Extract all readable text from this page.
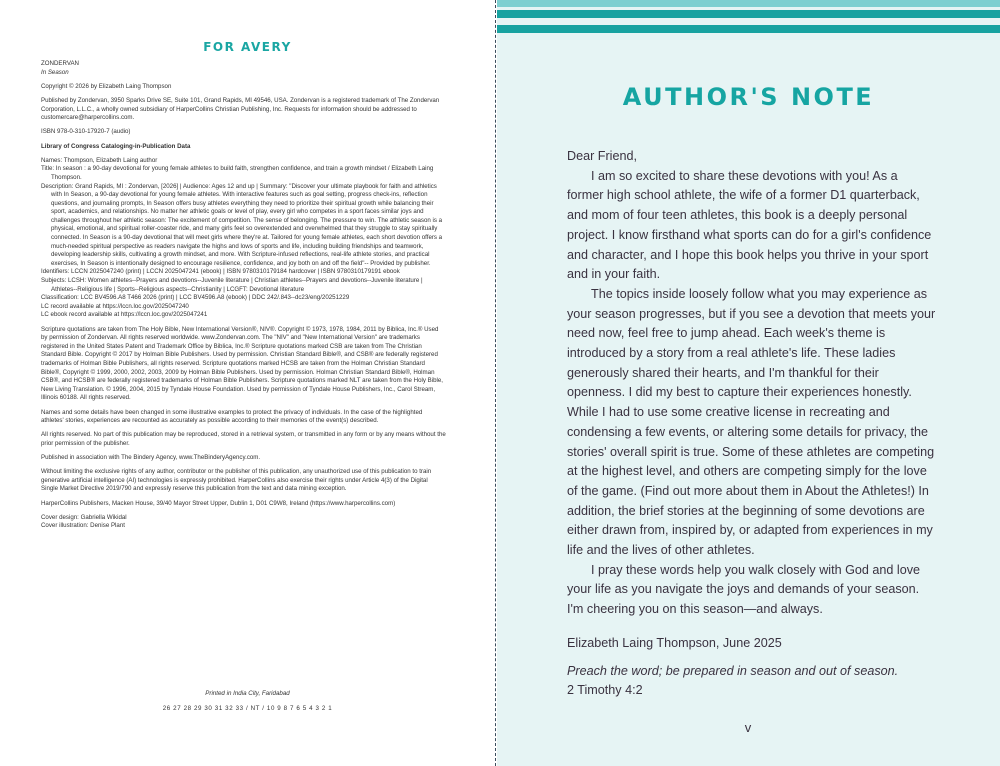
FOR AVERY

ZONDERVAN

In Season

Copyright © 2026 by Elizabeth Laing Thompson

Published by Zondervan, 3950 Sparks Drive SE, Suite 101, Grand Rapids, MI 49546, USA. Zondervan is a registered trademark of The Zondervan Corporation, L.L.C., a wholly owned subsidiary of HarperCollins Christian Publishing, Inc. Requests for information should be addressed to customercare@harpercollins.com.

ISBN 978-0-310-17920-7 (audio)

Library of Congress Cataloging-in-Publication Data

Names: Thompson, Elizabeth Laing author

Title: In season : a 90-day devotional for young female athletes to build faith, strengthen confidence, and train a growth mindset / Elizabeth Laing Thompson.

Description: Grand Rapids, MI : Zondervan, [2026] | Audience: Ages 12 and up | Summary: "Discover your ultimate playbook for faith and athletics with In Season, a 90-day devotional for young female athletes. With interactive features such as goal setting, progress check-ins, reflection questions, and journaling prompts, In Season offers busy athletes everything they need to prioritize their spiritual growth while balancing their sport, academics, and relationships. No matter her athletic goals or level of play, every girl who competes in a sport faces similar joys and challenges throughout her athletic season: The excitement of competition. The sense of belonging. The pressure to win. The athletic season is a physical, emotional, and spiritual roller-coaster ride, and many girls feel so overextended and overwhelmed that they struggle to stay spiritually connected. In Season is a 90-day devotional that will meet girls where they're at. Tailored for young female athletes, each short devotion offers a much-needed spiritual perspective as readers navigate the highs and lows of sports and life, including building friendships and teamwork, developing leadership skills, cultivating a growth mindset, and more. With Scripture-infused reflections, real-life athlete stories, and practical exercises, In Season is intentionally designed to encourage resilience, confidence, and joy both on and off the field"-- Provided by publisher.

Identifiers: LCCN 2025047240 (print) | LCCN 2025047241 (ebook) | ISBN 9780310179184 hardcover | ISBN 9780310179191 ebook

Subjects: LCSH: Women athletes--Prayers and devotions--Juvenile literature | Christian athletes--Prayers and devotions--Juvenile literature | Athletes--Religious life | Sports--Religious aspects--Christianity | LCGFT: Devotional literature

Classification: LCC BV4596.A8 T466 2026 (print) | LCC BV4596.A8 (ebook) | DDC 242/.843--dc23/eng/20251229

LC record available at https://lccn.loc.gov/2025047240

LC ebook record available at https://lccn.loc.gov/2025047241

Scripture quotations are taken from The Holy Bible, New International Version®, NIV®. Copyright © 1973, 1978, 1984, 2011 by Biblica, Inc.® Used by permission of Zondervan. All rights reserved worldwide. www.Zondervan.com. The "NIV" and "New International Version" are trademarks registered in the United States Patent and Trademark Office by Biblica, Inc.® Scripture quotations marked CSB are taken from The Christian Standard Bible. Copyright © 2017 by Holman Bible Publishers. Used by permission. Christian Standard Bible®, and CSB® are federally registered trademarks of Holman Bible Publishers, all rights reserved. Scripture quotations marked HCSB are taken from the Holman Christian Standard Bible®, Copyright © 1999, 2000, 2002, 2003, 2009 by Holman Bible Publishers. Used by permission. Holman Christian Standard Bible®, Holman CSB®, and HCSB® are federally registered trademarks of Holman Bible Publishers. Scripture quotations marked NLT are taken from the Holy Bible, New Living Translation. © 1996, 2004, 2015 by Tyndale House Foundation. Used by permission of Tyndale House Publishers, Inc., Carol Stream, Illinois 60188. All rights reserved.

Names and some details have been changed in some illustrative examples to protect the privacy of individuals. In the case of the highlighted athletes' stories, experiences are recounted as accurately as possible according to their memories of the event(s) described.

All rights reserved. No part of this publication may be reproduced, stored in a retrieval system, or transmitted in any form or by any means without the prior permission of the publisher.

Published in association with The Bindery Agency, www.TheBinderyAgency.com.

Without limiting the exclusive rights of any author, contributor or the publisher of this publication, any unauthorized use of this publication to train generative artificial intelligence (AI) technologies is expressly prohibited. HarperCollins also exercise their rights under Article 4(3) of the Digital Single Market Directive 2019/790 and expressly reserve this publication from the text and data mining exception.

HarperCollins Publishers, Macken House, 39/40 Mayor Street Upper, Dublin 1, D01 C9W8, Ireland (https://www.harpercollins.com)

Cover design: Gabriella Wikidal

Cover illustration: Denise Plant

Printed in India City, Faridabad
26 27 28 29 30 31 32 33 / NT / 10 9 8 7 6 5 4 3 2 1
AUTHOR'S NOTE

Dear Friend,

I am so excited to share these devotions with you! As a former high school athlete, the wife of a former D1 quarterback, and mom of four teen athletes, this book is a deeply personal project. I know firsthand what sports can do for a girl's confidence and character, and I hope this book helps you thrive in your sport and in your faith.

The topics inside loosely follow what you may experience as your season progresses, but if you see a devotion that meets your need now, feel free to jump ahead. Each week's theme is introduced by a story from a real athlete's life. These ladies generously shared their hearts, and I'm thankful for their openness. I did my best to capture their experiences honestly. While I had to use some creative license in recreating and condensing a few events, or altering some details for privacy, the stories' overall spirit is true. Some of these athletes are competing at the highest level, and others are competing simply for the love of the game. (Find out more about them in About the Athletes!) In addition, the brief stories at the beginning of some devotions are either drawn from, inspired by, or adapted from experiences in my life and the lives of other athletes.

I pray these words help you walk closely with God and love your life as you navigate the joys and demands of your season. I'm cheering you on this season—and always.

Elizabeth Laing Thompson, June 2025

Preach the word; be prepared in season and out of season.

2 Timothy 4:2

v
